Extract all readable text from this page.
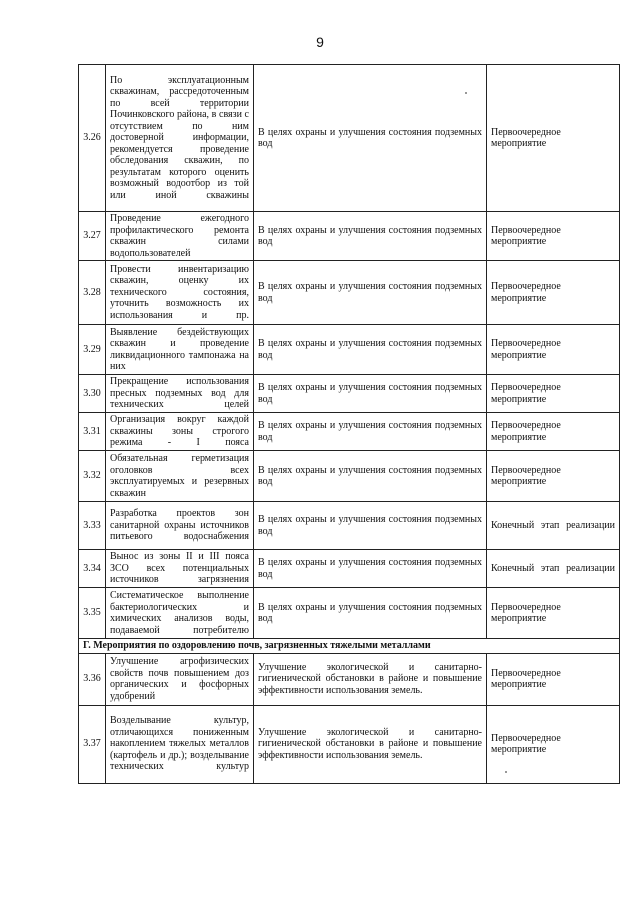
9
3.26	По эксплуатационным скважинам, рассредоточенным по всей территории Починковского района, в связи с отсутствием по ним достоверной информации, рекомендуется проведение обследования скважин, по результатам которого оценить возможный водоотбор из той или иной скважины	В целях охраны и улучшения состояния подземных вод	Первоочередное мероприятие
3.27	Проведение ежегодного профилактического ремонта скважин силами водопользователей	В целях охраны и улучшения состояния подземных вод	Первоочередное мероприятие
3.28	Провести инвентаризацию скважин, оценку их технического состояния, уточнить возможность их использования и пр.	В целях охраны и улучшения состояния подземных вод	Первоочередное мероприятие
3.29	Выявление бездействующих скважин и проведение ликвидационного тампонажа на них	В целях охраны и улучшения состояния подземных вод	Первоочередное мероприятие
3.30	Прекращение использования пресных подземных вод для технических целей	В целях охраны и улучшения состояния подземных вод	Первоочередное мероприятие
3.31	Организация вокруг каждой скважины зоны строгого режима - I пояса	В целях охраны и улучшения состояния подземных вод	Первоочередное мероприятие
3.32	Обязательная герметизация оголовков всех эксплуатируемых и резервных скважин	В целях охраны и улучшения состояния подземных вод	Первоочередное мероприятие
3.33	Разработка проектов зон санитарной охраны источников питьевого водоснабжения	В целях охраны и улучшения состояния подземных вод	Конечный этап реализации
3.34	Вынос из зоны II и III пояса ЗСО всех потенциальных источников загрязнения	В целях охраны и улучшения состояния подземных вод	Конечный этап реализации
3.35	Систематическое выполнение бактериологических и химических анализов воды, подаваемой потребителю	В целях охраны и улучшения состояния подземных вод	Первоочередное мероприятие
Г. Мероприятия по оздоровлению почв, загрязненных тяжелыми металлами			
3.36	Улучшение агрофизических свойств почв повышением доз органических и фосфорных удобрений	Улучшение экологической и санитарно-гигиенической обстановки в районе и повышение эффективности использования земель.	Первоочередное мероприятие
3.37	Возделывание культур, отличающихся пониженным накоплением тяжелых металлов (картофель и др.); возделывание технических культур	Улучшение экологической и санитарно-гигиенической обстановки в районе и повышение эффективности использования земель.	Первоочередное мероприятие
